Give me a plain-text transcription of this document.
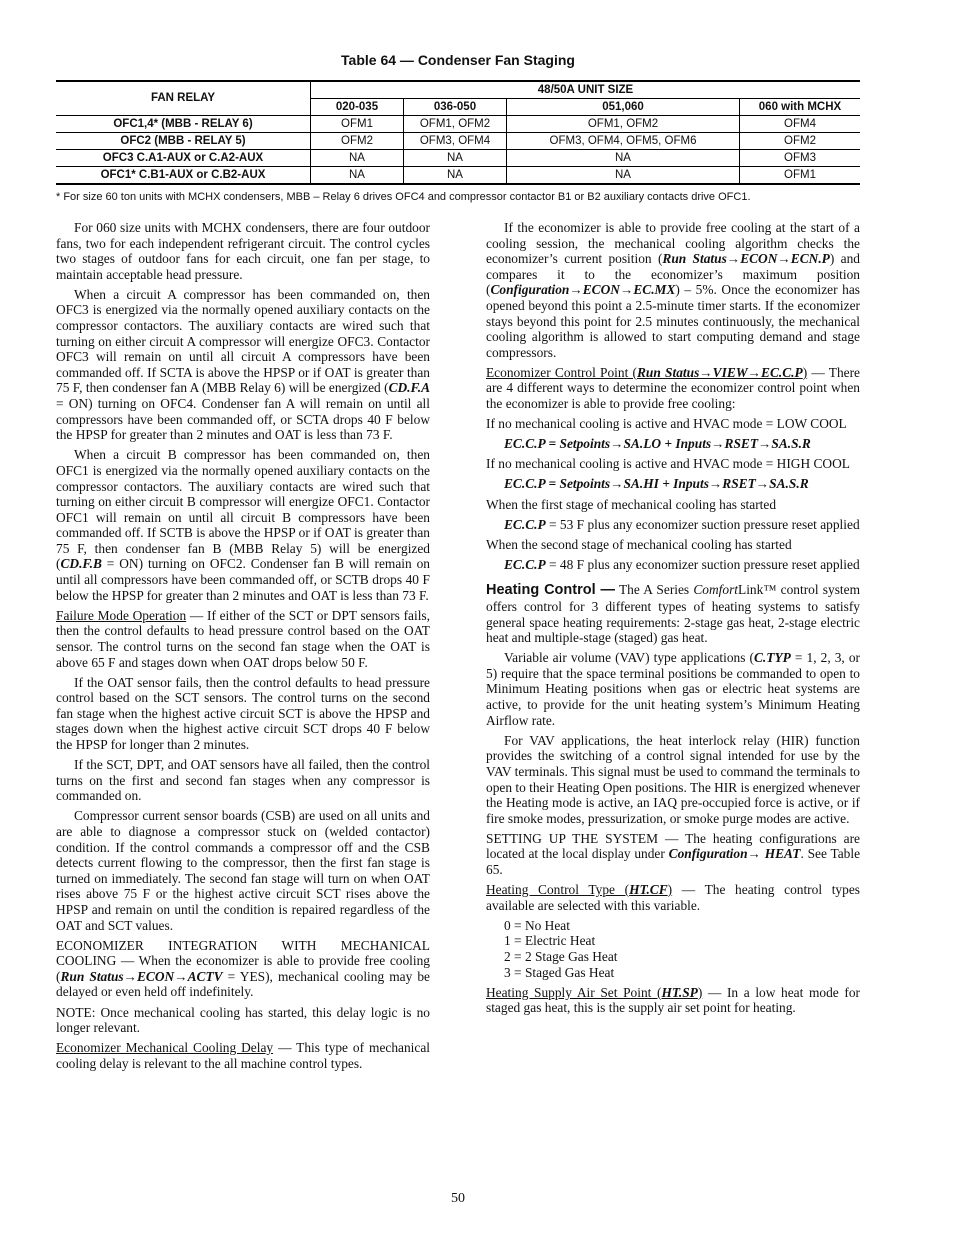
Table 64 — Condenser Fan Staging
FAN RELAY	48/50A UNIT SIZE			
	020-035	036-050	051,060	060 with MCHX
OFC1,4* (MBB - RELAY 6)	OFM1	OFM1, OFM2	OFM1, OFM2	OFM4
OFC2 (MBB - RELAY 5)	OFM2	OFM3, OFM4	OFM3, OFM4, OFM5, OFM6	OFM2
OFC3 C.A1-AUX or C.A2-AUX	NA	NA	NA	OFM3
OFC1* C.B1-AUX or C.B2-AUX	NA	NA	NA	OFM1
* For size 60 ton units with MCHX condensers, MBB – Relay 6 drives OFC4 and compressor contactor B1 or B2 auxiliary contacts drive OFC1.

For 060 size units with MCHX condensers, there are four outdoor fans, two for each independent refrigerant circuit. The control cycles two stages of outdoor fans for each circuit, one fan per stage, to maintain acceptable head pressure.

When a circuit A compressor has been commanded on, then OFC3 is energized via the normally opened auxiliary contacts on the compressor contactors. The auxiliary contacts are wired such that turning on either circuit A compressor will energize OFC3. Contactor OFC3 will remain on until all circuit A compressors have been commanded off. If SCTA is above the HPSP or if OAT is greater than 75 F, then condenser fan A (MBB Relay 6) will be energized (CD.F.A = ON) turning on OFC4. Condenser fan A will remain on until all compressors have been commanded off, or SCTA drops 40 F below the HPSP for greater than 2 minutes and OAT is less than 73 F.

When a circuit B compressor has been commanded on, then OFC1 is energized via the normally opened auxiliary contacts on the compressor contactors. The auxiliary contacts are wired such that turning on either circuit B compressor will energize OFC1. Contactor OFC1 will remain on until all circuit B compressors have been commanded off. If SCTB is above the HPSP or if OAT is greater than 75 F, then condenser fan B (MBB Relay 5) will be energized (CD.F.B = ON) turning on OFC2. Condenser fan B will remain on until all compressors have been commanded off, or SCTB drops 40 F below the HPSP for greater than 2 minutes and OAT is less than 73 F.

Failure Mode Operation — If either of the SCT or DPT sensors fails, then the control defaults to head pressure control based on the OAT sensor. The control turns on the second fan stage when the OAT is above 65 F and stages down when OAT drops below 50 F.

If the OAT sensor fails, then the control defaults to head pressure control based on the SCT sensors. The control turns on the second fan stage when the highest active circuit SCT is above the HPSP and stages down when the highest active circuit SCT drops 40 F below the HPSP for longer than 2 minutes.

If the SCT, DPT, and OAT sensors have all failed, then the control turns on the first and second fan stages when any compressor is commanded on.

Compressor current sensor boards (CSB) are used on all units and are able to diagnose a compressor stuck on (welded contactor) condition. If the control commands a compressor off and the CSB detects current flowing to the compressor, then the first fan stage is turned on immediately. The second fan stage will turn on when OAT rises above 75 F or the highest active circuit SCT rises above the HPSP and remain on until the condition is repaired regardless of the OAT and SCT values.

ECONOMIZER INTEGRATION WITH MECHANICAL COOLING — When the economizer is able to provide free cooling (Run Status→ECON→ACTV = YES), mechanical cooling may be delayed or even held off indefinitely.

NOTE: Once mechanical cooling has started, this delay logic is no longer relevant.

Economizer Mechanical Cooling Delay — This type of mechanical cooling delay is relevant to the all machine control types.

If the economizer is able to provide free cooling at the start of a cooling session, the mechanical cooling algorithm checks the economizer’s current position (Run Status→ECON→ECN.P) and compares it to the economizer’s maximum position (Configuration→ECON→EC.MX) – 5%. Once the economizer has opened beyond this point a 2.5-minute timer starts. If the economizer stays beyond this point for 2.5 minutes continuously, the mechanical cooling algorithm is allowed to start computing demand and stage compressors.

Economizer Control Point (Run Status→VIEW→EC.C.P) — There are 4 different ways to determine the economizer control point when the economizer is able to provide free cooling:

If no mechanical cooling is active and HVAC mode = LOW COOL

EC.C.P = Setpoints→SA.LO + Inputs→RSET→SA.S.R

If no mechanical cooling is active and HVAC mode = HIGH COOL

EC.C.P = Setpoints→SA.HI + Inputs→RSET→SA.S.R

When the first stage of mechanical cooling has started

EC.C.P = 53 F plus any economizer suction pressure reset applied

When the second stage of mechanical cooling has started

EC.C.P = 48 F plus any economizer suction pressure reset applied

Heating Control — The A Series ComfortLink™ control system offers control for 3 different types of heating systems to satisfy general space heating requirements: 2-stage gas heat, 2-stage electric heat and multiple-stage (staged) gas heat.

Variable air volume (VAV) type applications (C.TYP = 1, 2, 3, or 5) require that the space terminal positions be commanded to open to Minimum Heating positions when gas or electric heat systems are active, to provide for the unit heating system’s Minimum Heating Airflow rate.

For VAV applications, the heat interlock relay (HIR) function provides the switching of a control signal intended for use by the VAV terminals. This signal must be used to command the terminals to open to their Heating Open positions. The HIR is energized whenever the Heating mode is active, an IAQ pre-occupied force is active, or if fire smoke modes, pressurization, or smoke purge modes are active.

SETTING UP THE SYSTEM — The heating configurations are located at the local display under Configuration→ HEAT. See Table 65.

Heating Control Type (HT.CF) — The heating control types available are selected with this variable.

0 = No Heat

1 = Electric Heat

2 = 2 Stage Gas Heat

3 = Staged Gas Heat

Heating Supply Air Set Point (HT.SP) — In a low heat mode for staged gas heat, this is the supply air set point for heating.

50
